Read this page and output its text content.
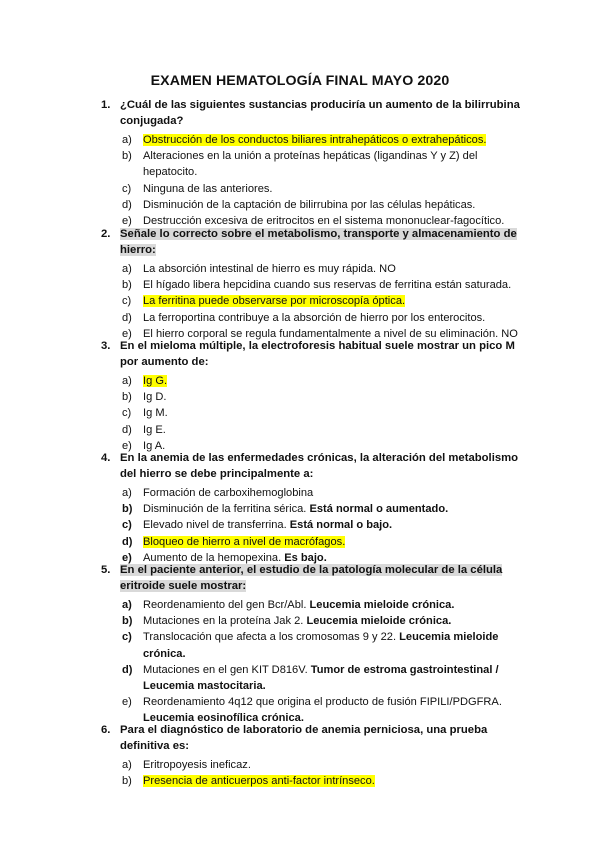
EXAMEN HEMATOLOGÍA FINAL MAYO 2020
1. ¿Cuál de las siguientes sustancias produciría un aumento de la bilirrubina conjugada?
a) Obstrucción de los conductos biliares intrahepáticos o extrahepáticos.
b) Alteraciones en la unión a proteínas hepáticas (ligandinas Y y Z) del hepatocito.
c) Ninguna de las anteriores.
d) Disminución de la captación de bilirrubina por las células hepáticas.
e) Destrucción excesiva de eritrocitos en el sistema mononuclear-fagocítico.
2. Señale lo correcto sobre el metabolismo, transporte y almacenamiento de hierro:
a) La absorción intestinal de hierro es muy rápida. NO
b) El hígado libera hepcidina cuando sus reservas de ferritina están saturada.
c) La ferritina puede observarse por microscopía óptica.
d) La ferroportina contribuye a la absorción de hierro por los enterocitos.
e) El hierro corporal se regula fundamentalmente a nivel de su eliminación. NO
3. En el mieloma múltiple, la electroforesis habitual suele mostrar un pico M por aumento de:
a) Ig G.
b) Ig D.
c) Ig M.
d) Ig E.
e) Ig A.
4. En la anemia de las enfermedades crónicas, la alteración del metabolismo del hierro se debe principalmente a:
a) Formación de carboxihemoglobina
b) Disminución de la ferritina sérica. Está normal o aumentado.
c) Elevado nivel de transferrina. Está normal o bajo.
d) Bloqueo de hierro a nivel de macrófagos.
e) Aumento de la hemopexina. Es bajo.
5. En el paciente anterior, el estudio de la patología molecular de la célula eritroide suele mostrar:
a) Reordenamiento del gen Bcr/Abl. Leucemia mieloide crónica.
b) Mutaciones en la proteína Jak 2. Leucemia mieloide crónica.
c) Translocación que afecta a los cromosomas 9 y 22. Leucemia mieloide crónica.
d) Mutaciones en el gen KIT D816V. Tumor de estroma gastrointestinal / Leucemia mastocitaria.
e) Reordenamiento 4q12 que origina el producto de fusión FIPILI/PDGFRA. Leucemia eosinofílica crónica.
6. Para el diagnóstico de laboratorio de anemia perniciosa, una prueba definitiva es:
a) Eritropoyesis ineficaz.
b) Presencia de anticuerpos anti-factor intrínseco.
